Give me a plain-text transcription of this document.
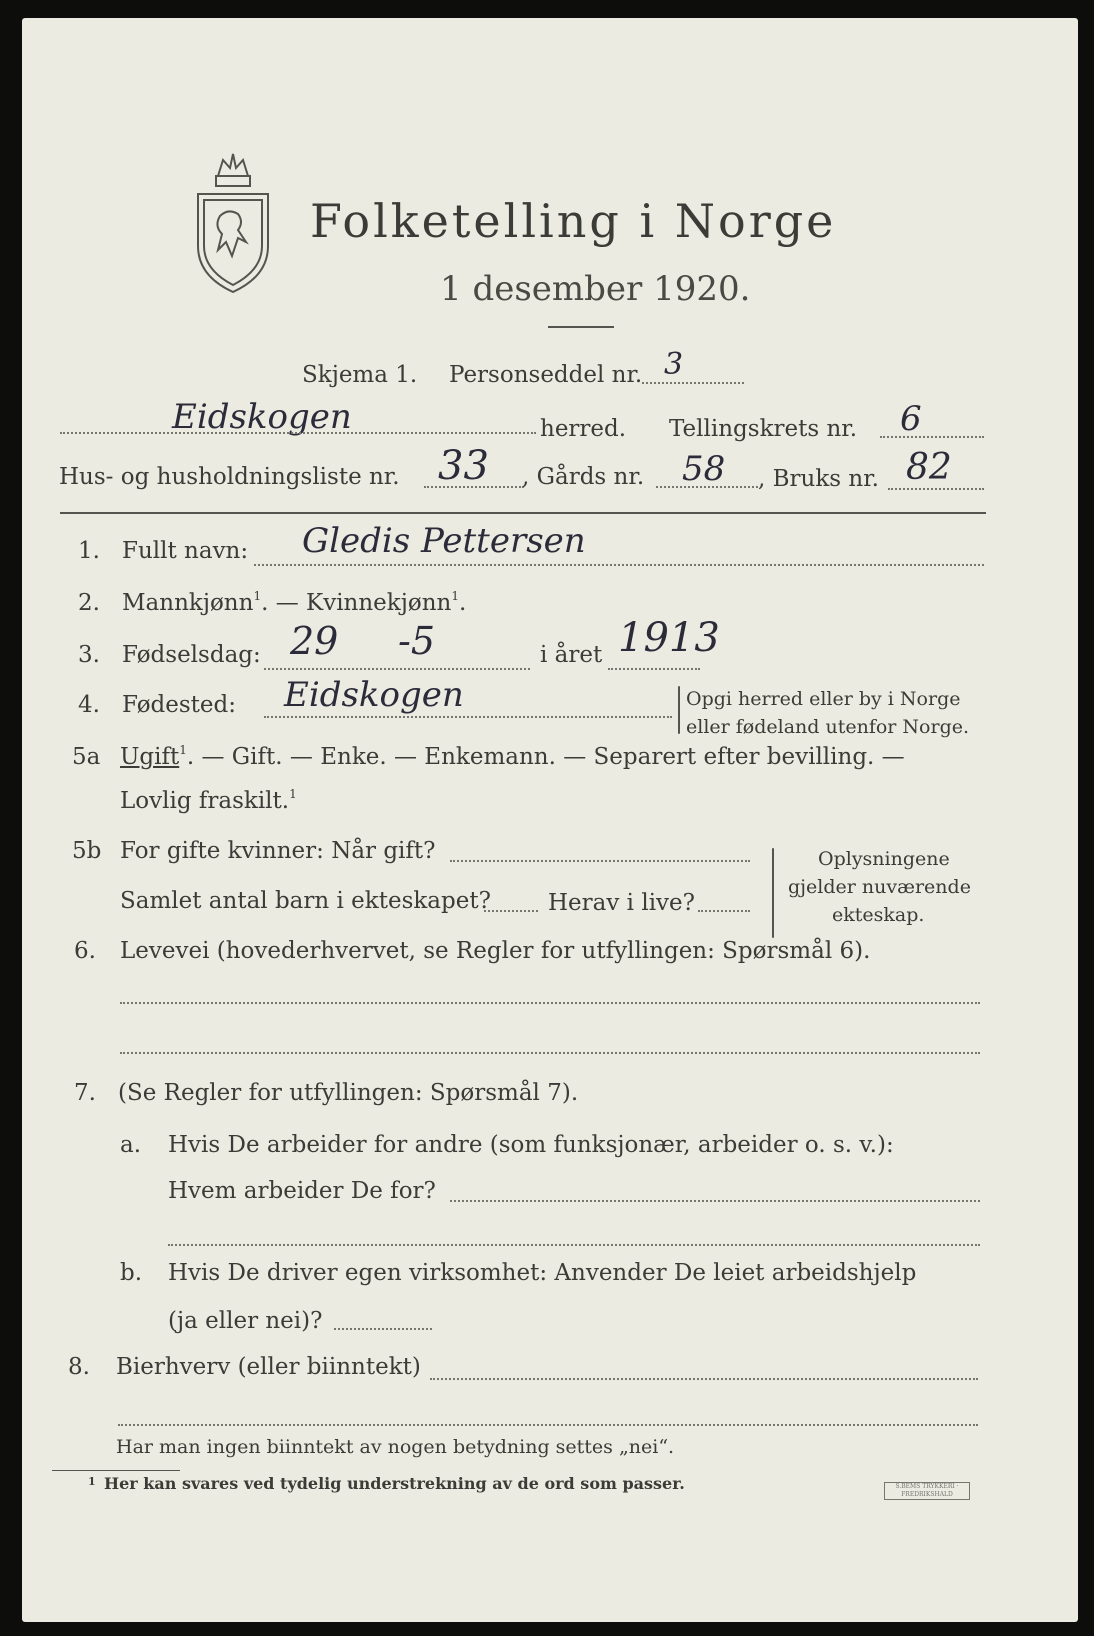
Folketelling i Norge
1 desember 1920.
Skjema 1. Personseddel nr. 3
Eidskogen	herred. Tellingskrets nr. 6
Hus- og husholdningsliste nr. 33 , Gårds nr. 58 , Bruks nr. 82
1. Fullt navn: Gledis Pettersen
2. Mannkjønn$^1$. — Kvinnekjønn$^1$.
3. Fødselsdag: 29 -5	i året 1913
4. Fødested: Eidskogen	Opgi herred eller by i Norge
eller fødeland utenfor Norge.
5a Ugift$^1$. — Gift. — Enke. — Enkemann. — Separert efter bevilling. —
Lovlig fraskilt.$^1$
5b For gifte kvinner: Når gift?
Samlet antal barn i ekteskapet? Herav i live?
Oplysningene
gjelder nuværende
ekteskap.
6. Levevei (hovederhvervet, se Regler for utfyllingen: Spørsmål 6).
7. (Se Regler for utfyllingen: Spørsmål 7).
a. Hvis De arbeider for andre (som funksjonær, arbeider o. s. v.):
Hvem arbeider De for?
b. Hvis De driver egen virksomhet: Anvender De leiet arbeidshjelp
(ja eller nei)?
8. Bierhverv (eller biinntekt)
Har man ingen biinntekt av nogen betydning settes „nei“.
1 Her kan svares ved tydelig understrekning av de ord som passer.	S.BEMS TRYKKERI · FREDRIKSHALD
